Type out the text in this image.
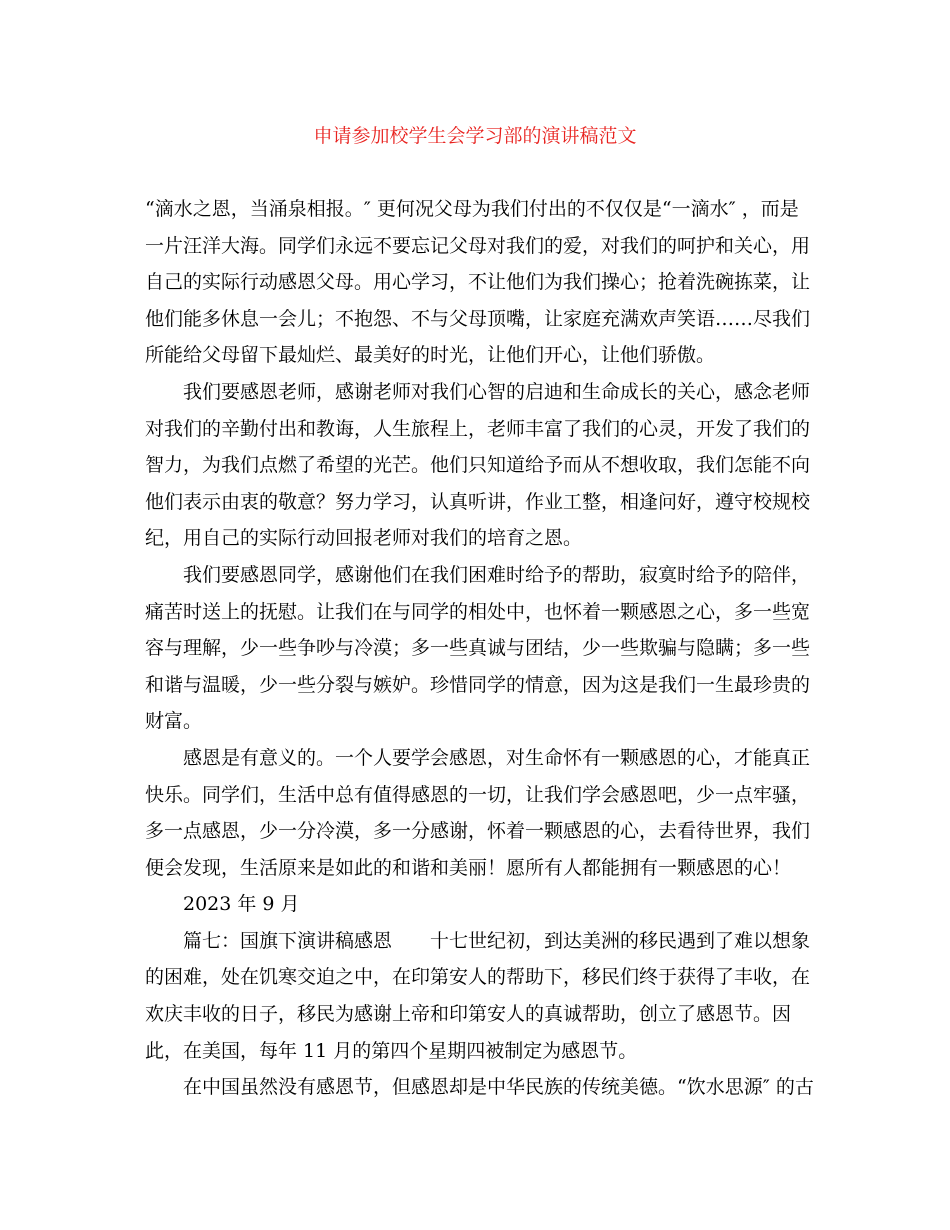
申请参加校学生会学习部的演讲稿范文
“滴水之恩，当涌泉相报。″ 更何况父母为我们付出的不仅仅是“一滴水″ ，而是
一片汪洋大海。同学们永远不要忘记父母对我们的爱，对我们的呵护和关心，用
自己的实际行动感恩父母。用心学习，不让他们为我们操心；抢着洗碗拣菜，让
他们能多休息一会儿；不抱怨、不与父母顶嘴，让家庭充满欢声笑语……尽我们
所能给父母留下最灿烂、最美好的时光，让他们开心，让他们骄傲。
我们要感恩老师，感谢老师对我们心智的启迪和生命成长的关心，感念老师
对我们的辛勤付出和教诲，人生旅程上，老师丰富了我们的心灵，开发了我们的
智力，为我们点燃了希望的光芒。他们只知道给予而从不想收取，我们怎能不向
他们表示由衷的敬意？努力学习，认真听讲，作业工整，相逢问好，遵守校规校
纪，用自己的实际行动回报老师对我们的培育之恩。
我们要感恩同学，感谢他们在我们困难时给予的帮助，寂寞时给予的陪伴，
痛苦时送上的抚慰。让我们在与同学的相处中，也怀着一颗感恩之心，多一些宽
容与理解，少一些争吵与冷漠；多一些真诚与团结，少一些欺骗与隐瞒；多一些
和谐与温暖，少一些分裂与嫉妒。珍惜同学的情意，因为这是我们一生最珍贵的
财富。
感恩是有意义的。一个人要学会感恩，对生命怀有一颗感恩的心，才能真正
快乐。同学们，生活中总有值得感恩的一切，让我们学会感恩吧，少一点牢骚，
多一点感恩，少一分冷漠，多一分感谢，怀着一颗感恩的心，去看待世界，我们
便会发现，生活原来是如此的和谐和美丽！愿所有人都能拥有一颗感恩的心！
2023 年 9 月
篇七：国旗下演讲稿感恩　　十七世纪初，到达美洲的移民遇到了难以想象
的困难，处在饥寒交迫之中，在印第安人的帮助下，移民们终于获得了丰收，在
欢庆丰收的日子，移民为感谢上帝和印第安人的真诚帮助，创立了感恩节。因
此，在美国，每年 11 月的第四个星期四被制定为感恩节。
在中国虽然没有感恩节，但感恩却是中华民族的传统美德。“饮水思源″ 的古
